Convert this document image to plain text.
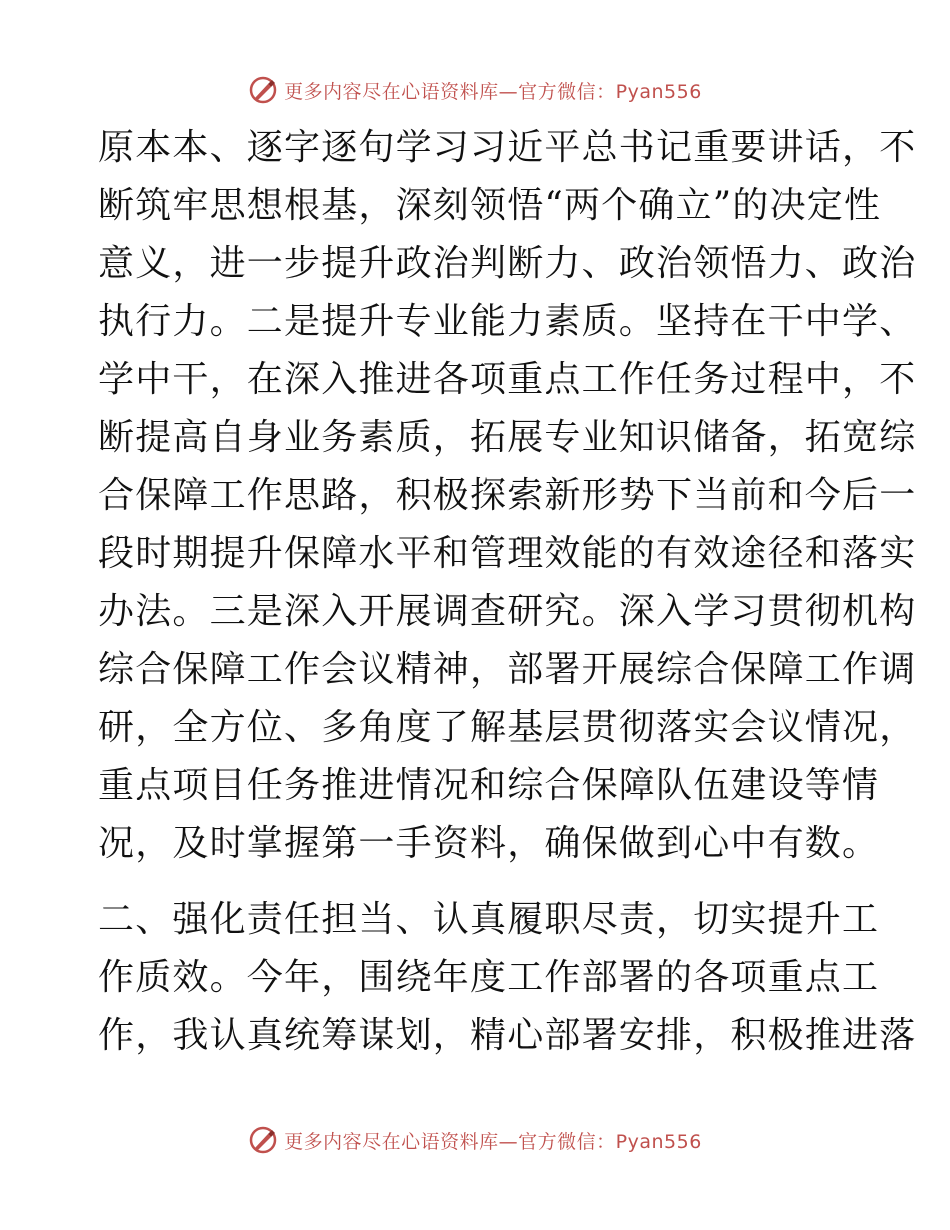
更多内容尽在心语资料库—官方微信：Pyan556
原本本、逐字逐句学习习近平总书记重要讲话，不
断筑牢思想根基，深刻领悟“两个确立”的决定性
意义，进一步提升政治判断力、政治领悟力、政治
执行力。二是提升专业能力素质。坚持在干中学、
学中干，在深入推进各项重点工作任务过程中，不
断提高自身业务素质，拓展专业知识储备，拓宽综
合保障工作思路，积极探索新形势下当前和今后一
段时期提升保障水平和管理效能的有效途径和落实
办法。三是深入开展调查研究。深入学习贯彻机构
综合保障工作会议精神，部署开展综合保障工作调
研，全方位、多角度了解基层贯彻落实会议情况，
重点项目任务推进情况和综合保障队伍建设等情
况，及时掌握第一手资料，确保做到心中有数。
二、强化责任担当、认真履职尽责，切实提升工
作质效。今年，围绕年度工作部署的各项重点工
作，我认真统筹谋划，精心部署安排，积极推进落
更多内容尽在心语资料库—官方微信：Pyan556
